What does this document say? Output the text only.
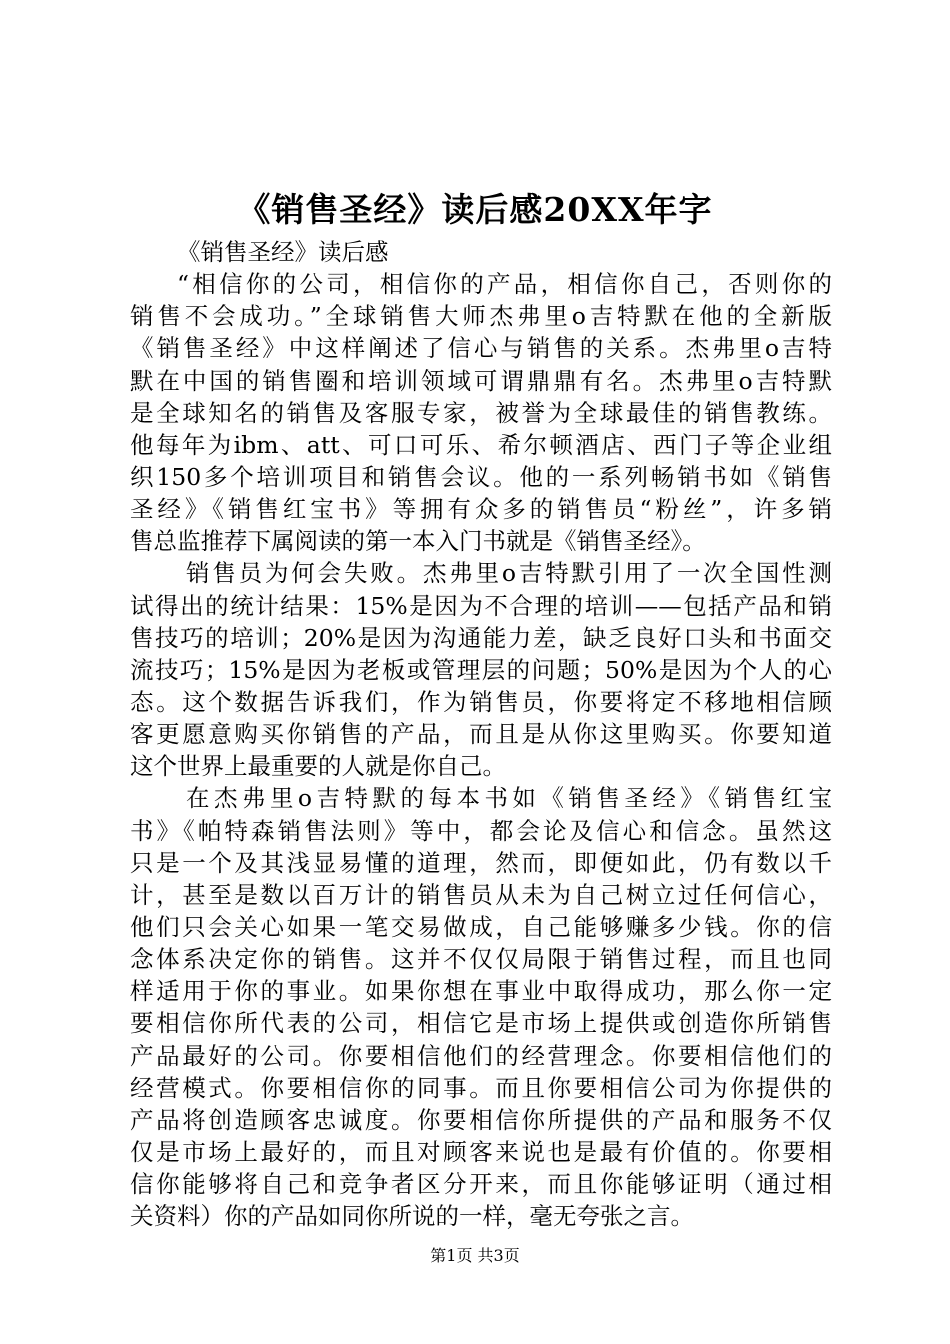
《销售圣经》读后感20XX年字
《销售圣经》读后感
“相信你的公司，相信你的产品，相信你自己，否则你的
销售不会成功。”全球销售大师杰弗里o吉特默在他的全新版
《销售圣经》中这样阐述了信心与销售的关系。杰弗里o吉特
默在中国的销售圈和培训领域可谓鼎鼎有名。杰弗里o吉特默
是全球知名的销售及客服专家，被誉为全球最佳的销售教练。
他每年为ibm、att、可口可乐、希尔顿酒店、西门子等企业组
织150多个培训项目和销售会议。他的一系列畅销书如《销售
圣经》《销售红宝书》等拥有众多的销售员“粉丝”，许多销
售总监推荐下属阅读的第一本入门书就是《销售圣经》。
销售员为何会失败。杰弗里o吉特默引用了一次全国性测
试得出的统计结果：15%是因为不合理的培训——包括产品和销
售技巧的培训；20%是因为沟通能力差，缺乏良好口头和书面交
流技巧；15%是因为老板或管理层的问题；50%是因为个人的心
态。这个数据告诉我们，作为销售员，你要将定不移地相信顾
客更愿意购买你销售的产品，而且是从你这里购买。你要知道
这个世界上最重要的人就是你自己。
在杰弗里o吉特默的每本书如《销售圣经》《销售红宝
书》《帕特森销售法则》等中，都会论及信心和信念。虽然这
只是一个及其浅显易懂的道理，然而，即便如此，仍有数以千
计，甚至是数以百万计的销售员从未为自己树立过任何信心，
他们只会关心如果一笔交易做成，自己能够赚多少钱。你的信
念体系决定你的销售。这并不仅仅局限于销售过程，而且也同
样适用于你的事业。如果你想在事业中取得成功，那么你一定
要相信你所代表的公司，相信它是市场上提供或创造你所销售
产品最好的公司。你要相信他们的经营理念。你要相信他们的
经营模式。你要相信你的同事。而且你要相信公司为你提供的
产品将创造顾客忠诚度。你要相信你所提供的产品和服务不仅
仅是市场上最好的，而且对顾客来说也是最有价值的。你要相
信你能够将自己和竞争者区分开来，而且你能够证明（通过相
关资料）你的产品如同你所说的一样，毫无夸张之言。
第1页 共3页
